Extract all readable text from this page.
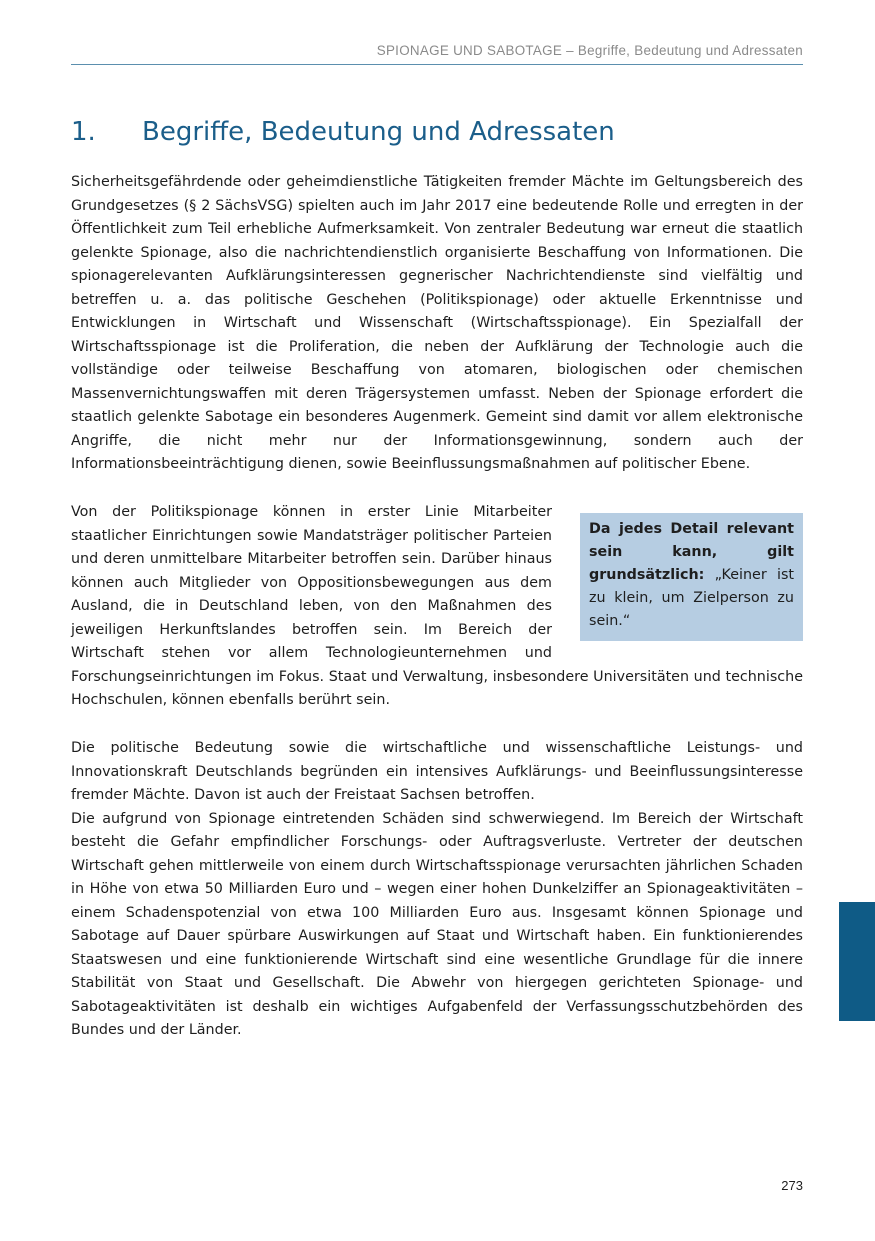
SPIONAGE UND SABOTAGE – Begriffe, Bedeutung und Adressaten
1. Begriffe, Bedeutung und Adressaten

Sicherheitsgefährdende oder geheimdienstliche Tätigkeiten fremder Mächte im Geltungsbereich des Grundgesetzes (§ 2 SächsVSG) spielten auch im Jahr 2017 eine bedeutende Rolle und erregten in der Öffentlichkeit zum Teil erhebliche Aufmerksamkeit. Von zentraler Bedeutung war erneut die staatlich gelenkte Spionage, also die nachrichtendienstlich organisierte Beschaffung von Informationen. Die spionagerelevanten Aufklärungsinteressen gegnerischer Nachrichtendienste sind vielfältig und betreffen u. a. das politische Geschehen (Politikspionage) oder aktuelle Erkenntnisse und Entwicklungen in Wirtschaft und Wissenschaft (Wirtschaftsspionage). Ein Spezialfall der Wirtschaftsspionage ist die Proliferation, die neben der Aufklärung der Technologie auch die vollständige oder teilweise Beschaffung von atomaren, biologischen oder chemischen Massenvernichtungswaffen mit deren Trägersystemen umfasst. Neben der Spionage erfordert die staatlich gelenkte Sabotage ein besonderes Augenmerk. Gemeint sind damit vor allem elektronische Angriffe, die nicht mehr nur der Informationsgewinnung, sondern auch der Informationsbeeinträchtigung dienen, sowie Beeinflussungsmaßnahmen auf politischer Ebene.

Da jedes Detail relevant sein kann, gilt grundsätzlich: „Keiner ist zu klein, um Zielperson zu sein.“

Von der Politikspionage können in erster Linie Mitarbeiter staatlicher Einrichtungen sowie Mandatsträger politischer Parteien und deren unmittelbare Mitarbeiter betroffen sein. Darüber hinaus können auch Mitglieder von Oppositionsbewegungen aus dem Ausland, die in Deutschland leben, von den Maßnahmen des jeweiligen Herkunftslandes betroffen sein. Im Bereich der Wirtschaft stehen vor allem Technologieunternehmen und Forschungseinrichtungen im Fokus. Staat und Verwaltung, insbesondere Universitäten und technische Hochschulen, können ebenfalls berührt sein.

Die politische Bedeutung sowie die wirtschaftliche und wissenschaftliche Leistungs- und Innovationskraft Deutschlands begründen ein intensives Aufklärungs- und Beeinflussungsinteresse fremder Mächte. Davon ist auch der Freistaat Sachsen betroffen.

Die aufgrund von Spionage eintretenden Schäden sind schwerwiegend. Im Bereich der Wirtschaft besteht die Gefahr empfindlicher Forschungs- oder Auftragsverluste. Vertreter der deutschen Wirtschaft gehen mittlerweile von einem durch Wirtschaftsspionage verursachten jährlichen Schaden in Höhe von etwa 50 Milliarden Euro und – wegen einer hohen Dunkelziffer an Spionageaktivitäten – einem Schadenspotenzial von etwa 100 Milliarden Euro aus. Insgesamt können Spionage und Sabotage auf Dauer spürbare Auswirkungen auf Staat und Wirtschaft haben. Ein funktionierendes Staatswesen und eine funktionierende Wirtschaft sind eine wesentliche Grundlage für die innere Stabilität von Staat und Gesellschaft. Die Abwehr von hiergegen gerichteten Spionage- und Sabotageaktivitäten ist deshalb ein wichtiges Aufgabenfeld der Verfassungsschutzbehörden des Bundes und der Länder.

273
